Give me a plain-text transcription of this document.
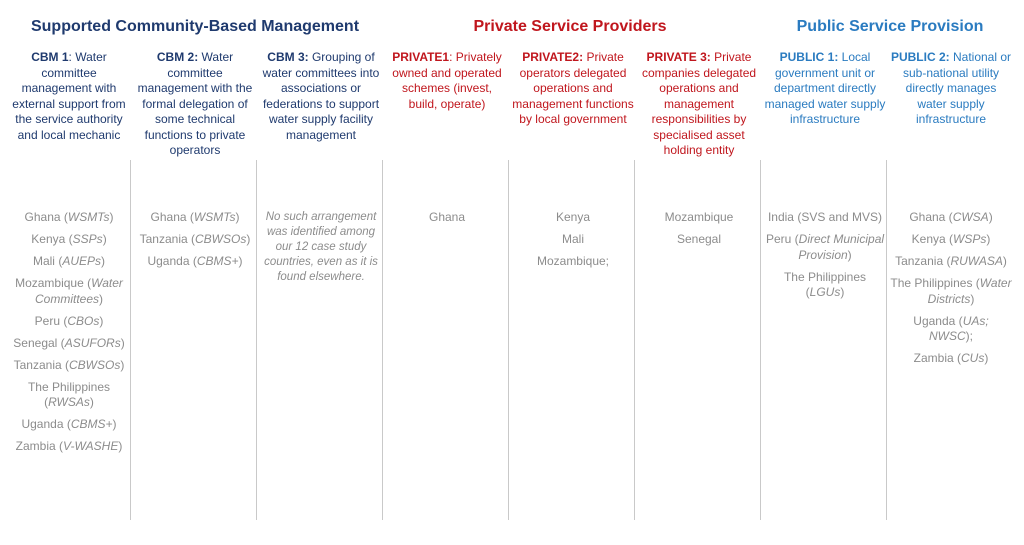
Supported Community-Based Management	Private Service Providers	Public Service Provision
CBM 1: Water committee management with external support from the service authority and local mechanic
Ghana (WSMTs)
Kenya (SSPs)
Mali (AUEPs)
Mozambique (Water Committees)
Peru (CBOs)
Senegal (ASUFORs)
Tanzania (CBWSOs)
The Philippines (RWSAs)
Uganda (CBMS+)
Zambia (V-WASHE)
CBM 2: Water committee management with the formal delegation of some technical functions to private operators
Ghana (WSMTs)
Tanzania (CBWSOs)
Uganda (CBMS+)
CBM 3: Grouping of water committees into associations or federations to support water supply facility management
No such arrangement was identified among our 12 case study countries, even as it is found elsewhere.
PRIVATE1: Privately owned and operated schemes (invest, build, operate)
Ghana
PRIVATE2: Private operators delegated operations and management functions by local government
Kenya
Mali
Mozambique;
PRIVATE 3: Private companies delegated operations and management responsibilities by specialised asset holding entity
Mozambique
Senegal
PUBLIC 1: Local government unit or department directly managed water supply infrastructure
India (SVS and MVS)
Peru (Direct Municipal Provision)
The Philippines (LGUs)
PUBLIC 2: National or sub-national utility directly manages water supply infrastructure
Ghana (CWSA)
Kenya (WSPs)
Tanzania (RUWASA)
The Philippines (Water Districts)
Uganda (UAs; NWSC);
Zambia (CUs)
